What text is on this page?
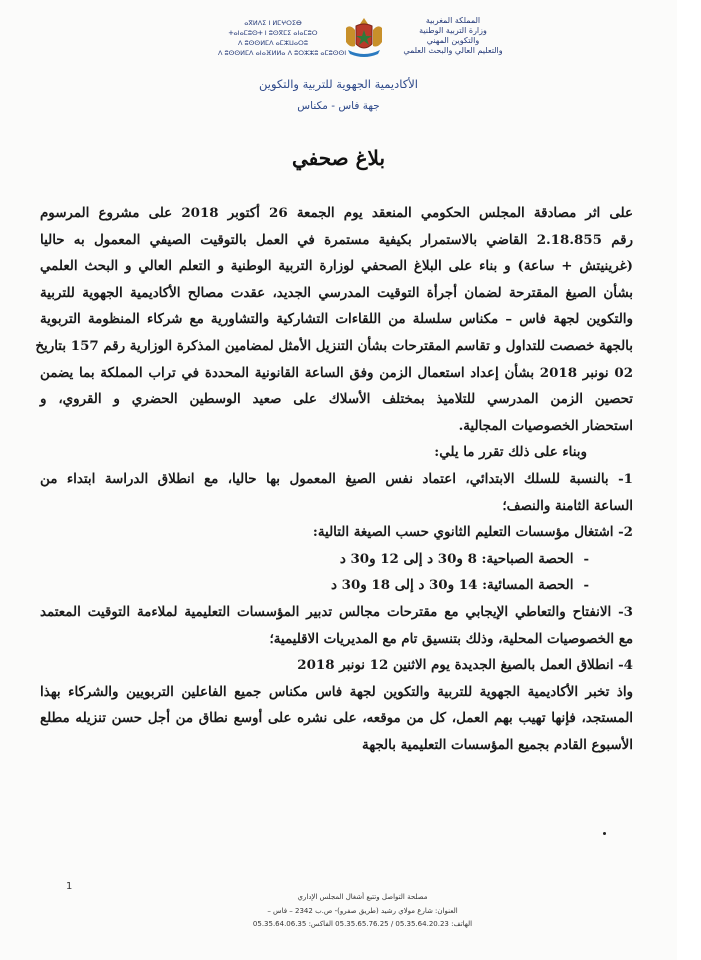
ⴰⴳⵍⴷⵉ ⵏ ⵍⵎⵖⵔⵉⴱ
ⵜⴰⵏⴰⵎⵓⵙⵜ ⵏ ⵓⵙⴳⵎⵉ ⴰⵏⴰⵎⵓⵔ
ⴷ ⵓⵙⵙⵍⵎⴷ ⴰⵎⵣⵡⴰⵔⵓ
ⴷ ⵓⵙⵙⵍⵎⴷ ⴰⵏⴰⴼⵍⵍⴰ ⴷ ⵓⵔⵣⵣⵓ ⴰⵎⵓⵙⵙⵏ
المملكة المغربية
وزارة التربية الوطنية
والتكوين المهني
والتعليم العالي والبحث العلمي
الأكاديمية الجهوية للتربية والتكوين
جهة فاس - مكناس
بلاغ صحفي
على اثر مصادقة المجلس الحكومي المنعقد يوم الجمعة 26 أكتوبر 2018 على مشروع المرسوم
رقم 2.18.855 القاضي بالاستمرار بكيفية مستمرة في العمل بالتوقيت الصيفي المعمول به حاليا
(غرينيتش + ساعة) و بناء على البلاغ الصحفي لوزارة التربية الوطنية و التعلم العالي و البحث العلمي
بشأن الصيغ المقترحة لضمان أجرأة التوقيت المدرسي الجديد، عقدت مصالح الأكاديمية الجهوية للتربية
والتكوين لجهة فاس – مكناس سلسلة من اللقاءات التشاركية والتشاورية مع شركاء المنظومة التربوية
بالجهة خصصت للتداول و تقاسم المقترحات بشأن التنزيل الأمثل لمضامين المذكرة الوزارية رقم 157 بتاريخ
02 نونبر 2018 بشأن إعداد استعمال الزمن وفق الساعة القانونية المحددة في تراب المملكة بما يضمن
تحصين الزمن المدرسي للتلاميذ بمختلف الأسلاك على صعيد الوسطين الحضري و القروي، و
استحضار الخصوصيات المجالية.
وبناء على ذلك تقرر ما يلي:
1- بالنسبة للسلك الابتدائي، اعتماد نفس الصيغ المعمول بها حاليا، مع انطلاق الدراسة ابتداء من
الساعة الثامنة والنصف؛
2- اشتغال مؤسسات التعليم الثانوي حسب الصيغة التالية:
-الحصة الصباحية: 8 و30 د إلى 12 و30 د
-الحصة المسائية: 14 و30 د إلى 18 و30 د
3- الانفتاح والتعاطي الإيجابي مع مقترحات مجالس تدبير المؤسسات التعليمية لملاءمة التوقيت المعتمد
مع الخصوصيات المحلية، وذلك بتنسيق تام مع المديريات الاقليمية؛
4- انطلاق العمل بالصيغ الجديدة يوم الاثنين 12 نونبر 2018
واذ تخبر الأكاديمية الجهوية للتربية والتكوين لجهة فاس مكناس جميع الفاعلين التربويين والشركاء بهذا
المستجد، فإنها تهيب بهم العمل، كل من موقعه، على نشره على أوسع نطاق من أجل حسن تنزيله مطلع
الأسبوع القادم بجميع المؤسسات التعليمية بالجهة
1
مصلحة التواصل وتتبع أشغال المجلس الإداري
العنوان: شارع مولاي رشيد (طريق صفرو)- ص.ب 2342 – فاس –
الهاتف: 05.35.64.20.23 / 05.35.65.76.25 الفاكس: 05.35.64.06.35
